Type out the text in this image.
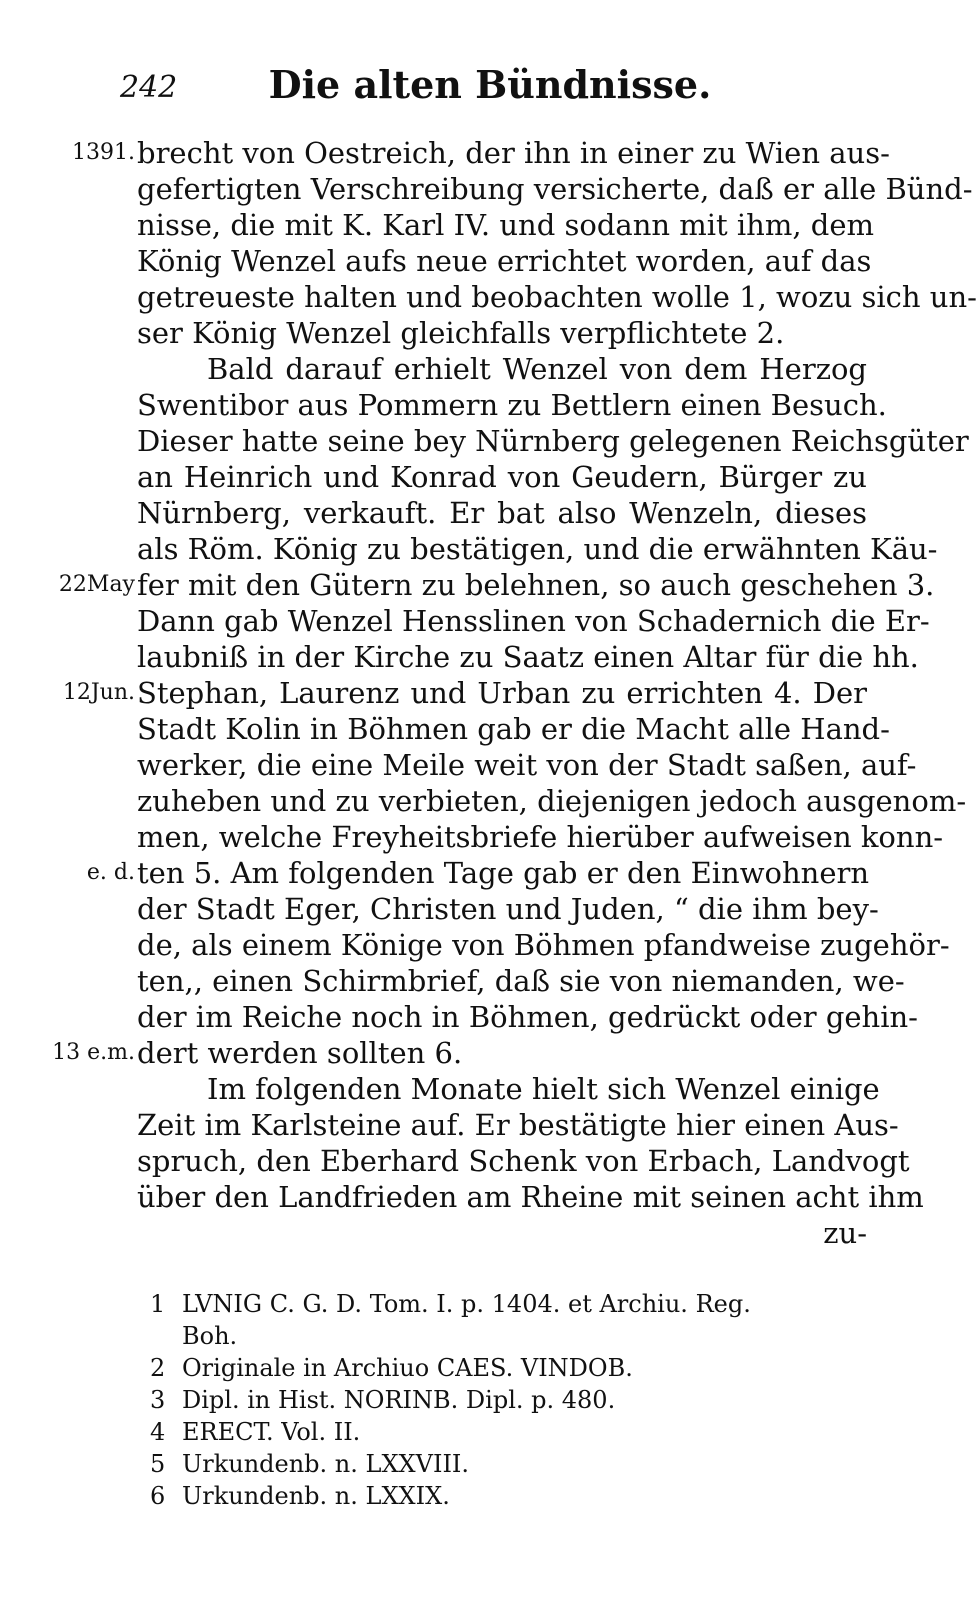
242	Die alten Bündnisse.
1391.
22May
12Jun.
e. d.
13 e.m.
brecht von Oestreich, der ihn in einer zu Wien aus-
gefertigten Verschreibung versicherte, daß er alle Bünd-
nisse, die mit K. Karl IV. und sodann mit ihm, dem
König Wenzel aufs neue errichtet worden, auf das
getreueste halten und beobachten wolle 1, wozu sich un-
ser König Wenzel gleichfalls verpflichtete 2.
Bald darauf erhielt Wenzel von dem Herzog
Swentibor aus Pommern zu Bettlern einen Besuch.
Dieser hatte seine bey Nürnberg gelegenen Reichsgüter
an Heinrich und Konrad von Geudern, Bürger zu
Nürnberg, verkauft. Er bat also Wenzeln, dieses
als Röm. König zu bestätigen, und die erwähnten Käu-
fer mit den Gütern zu belehnen, so auch geschehen 3.
Dann gab Wenzel Hensslinen von Schadernich die Er-
laubniß in der Kirche zu Saatz einen Altar für die hh.
Stephan, Laurenz und Urban zu errichten 4. Der
Stadt Kolin in Böhmen gab er die Macht alle Hand-
werker, die eine Meile weit von der Stadt saßen, auf-
zuheben und zu verbieten, diejenigen jedoch ausgenom-
men, welche Freyheitsbriefe hierüber aufweisen konn-
ten 5. Am folgenden Tage gab er den Einwohnern
der Stadt Eger, Christen und Juden, “ die ihm bey-
de, als einem Könige von Böhmen pfandweise zugehör-
ten,, einen Schirmbrief, daß sie von niemanden, we-
der im Reiche noch in Böhmen, gedrückt oder gehin-
dert werden sollten 6.
Im folgenden Monate hielt sich Wenzel einige
Zeit im Karlsteine auf. Er bestätigte hier einen Aus-
spruch, den Eberhard Schenk von Erbach, Landvogt
über den Landfrieden am Rheine mit seinen acht ihm
zu-
1 LVNIG C. G. D. Tom. I. p. 1404. et Archiu. Reg.
Boh.
2 Originale in Archiuo CAES. VINDOB.
3 Dipl. in Hist. NORINB. Dipl. p. 480.
4 ERECT. Vol. II.
5 Urkundenb. n. LXXVIII.
6 Urkundenb. n. LXXIX.
